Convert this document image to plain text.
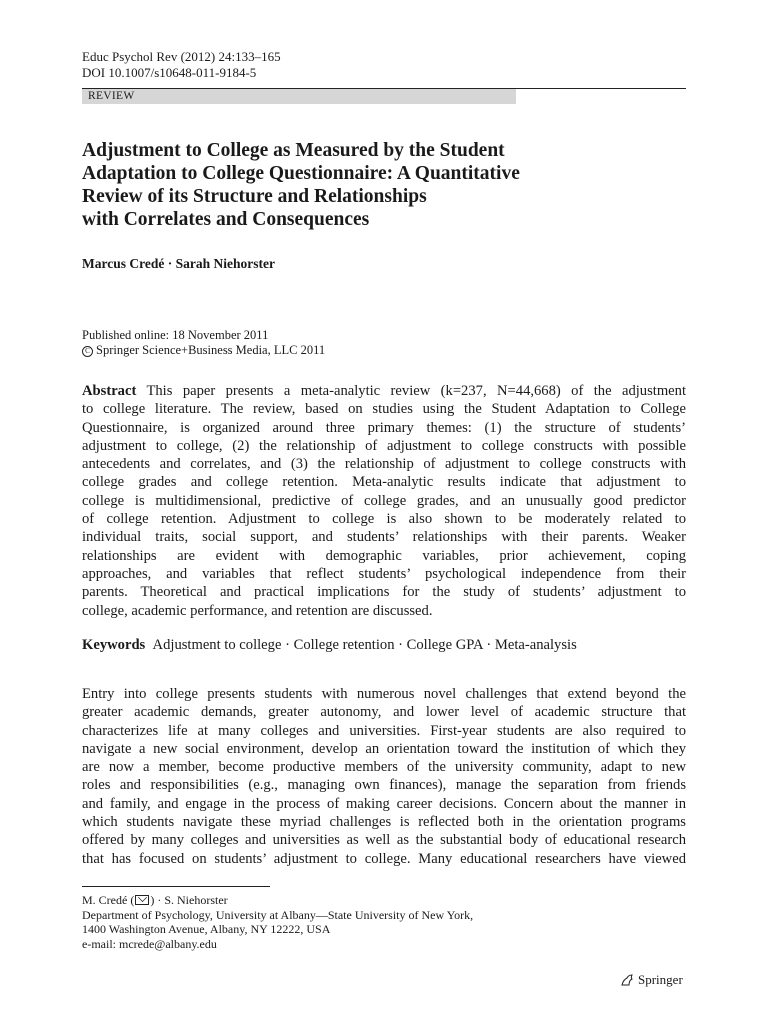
Educ Psychol Rev (2012) 24:133–165
DOI 10.1007/s10648-011-9184-5
REVIEW
Adjustment to College as Measured by the Student
Adaptation to College Questionnaire: A Quantitative
Review of its Structure and Relationships
with Correlates and Consequences
Marcus Credé · Sarah Niehorster
Published online: 18 November 2011
C Springer Science+Business Media, LLC 2011
Abstract This paper presents a meta-analytic review (k=237, N=44,668) of the adjustment
to college literature. The review, based on studies using the Student Adaptation to College
Questionnaire, is organized around three primary themes: (1) the structure of students’
adjustment to college, (2) the relationship of adjustment to college constructs with possible
antecedents and correlates, and (3) the relationship of adjustment to college constructs with
college grades and college retention. Meta-analytic results indicate that adjustment to
college is multidimensional, predictive of college grades, and an unusually good predictor
of college retention. Adjustment to college is also shown to be moderately related to
individual traits, social support, and students’ relationships with their parents. Weaker
relationships are evident with demographic variables, prior achievement, coping
approaches, and variables that reflect students’ psychological independence from their
parents. Theoretical and practical implications for the study of students’ adjustment to
college, academic performance, and retention are discussed.
Keywords Adjustment to college · College retention · College GPA · Meta-analysis
Entry into college presents students with numerous novel challenges that extend beyond the
greater academic demands, greater autonomy, and lower level of academic structure that
characterizes life at many colleges and universities. First-year students are also required to
navigate a new social environment, develop an orientation toward the institution of which they
are now a member, become productive members of the university community, adapt to new
roles and responsibilities (e.g., managing own finances), manage the separation from friends
and family, and engage in the process of making career decisions. Concern about the manner in
which students navigate these myriad challenges is reflected both in the orientation programs
offered by many colleges and universities as well as the substantial body of educational research
that has focused on students’ adjustment to college. Many educational researchers have viewed
M. Credé ( ) · S. Niehorster
Department of Psychology, University at Albany—State University of New York,
1400 Washington Avenue, Albany, NY 12222, USA
e-mail: mcrede@albany.edu
Springer
